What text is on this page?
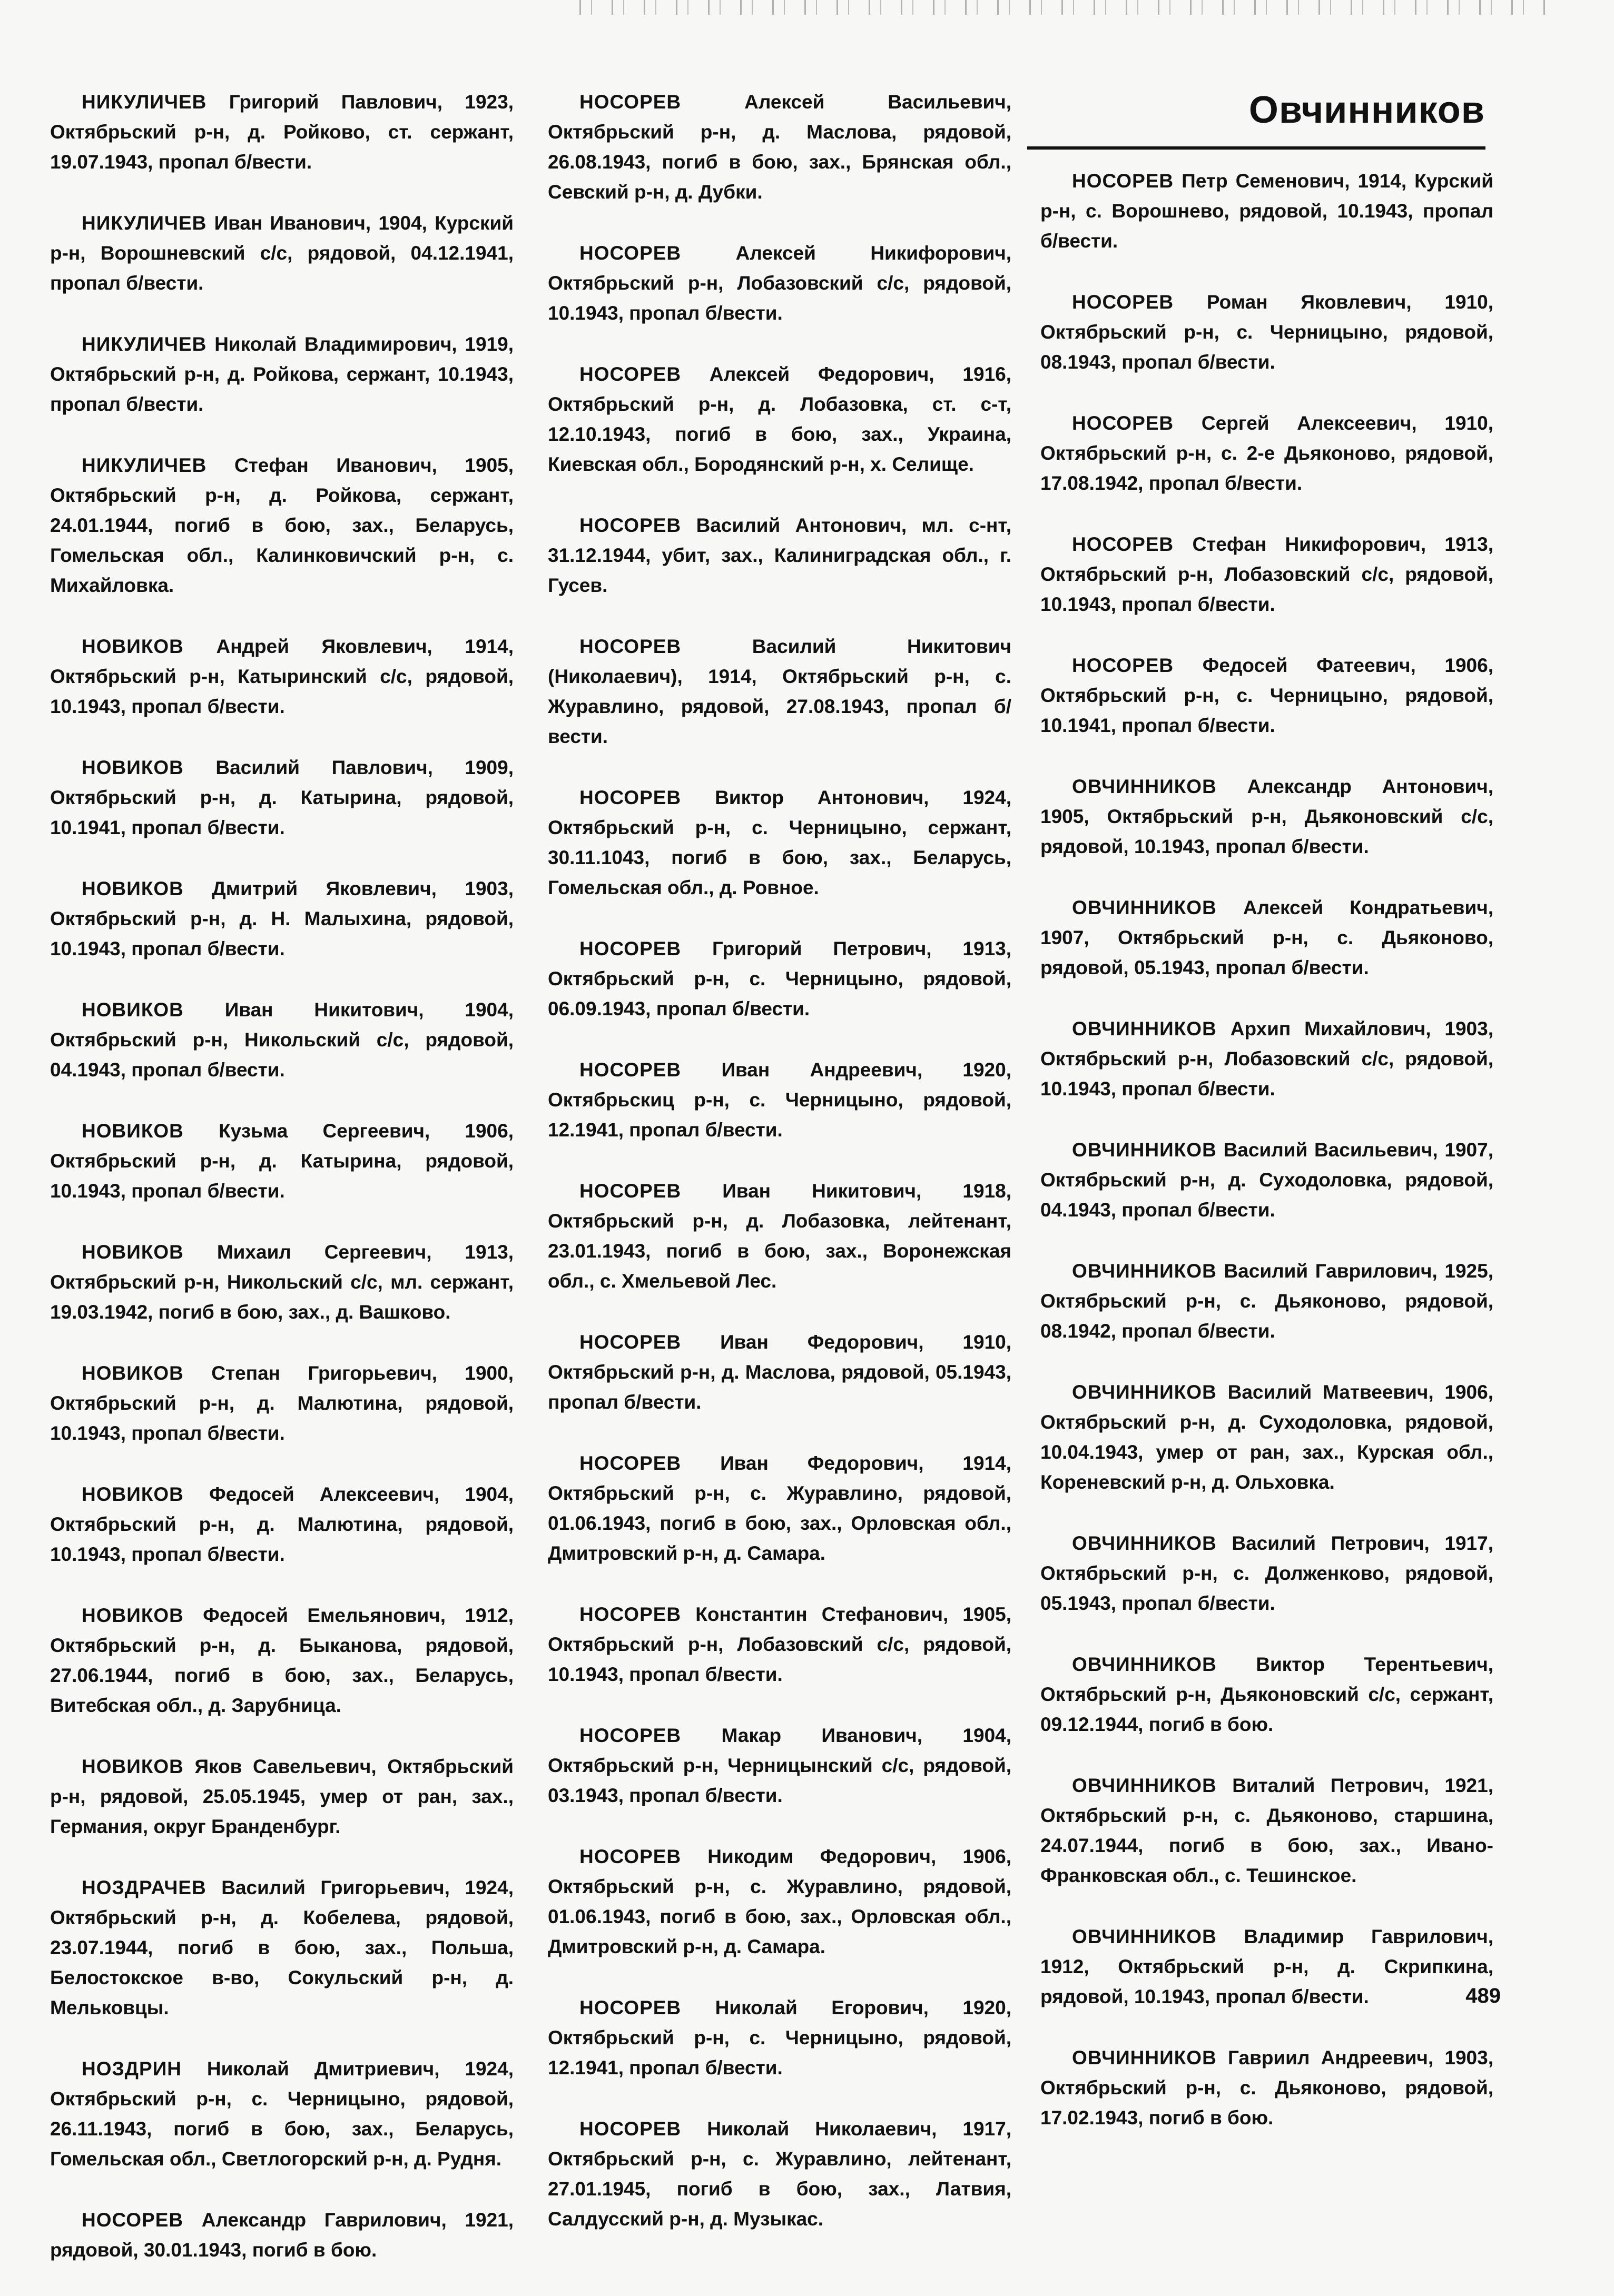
Овчинников

НИКУЛИЧЕВ Григорий Павлович, 1923, Октябрьский р-н, д. Ройково, ст. сержант, 19.07.1943, пропал б/вести.

НИКУЛИЧЕВ Иван Иванович, 1904, Курский р-н, Ворошневский с/с, рядовой, 04.12.1941, пропал б/вести.

НИКУЛИЧЕВ Николай Владимирович, 1919, Октябрьский р-н, д. Ройкова, сержант, 10.1943, пропал б/вести.

НИКУЛИЧЕВ Стефан Иванович, 1905, Октябрьский р-н, д. Ройкова, сержант, 24.01.1944, погиб в бою, зах., Беларусь, Гомельская обл., Калинковичский р-н, с. Михайловка.

НОВИКОВ Андрей Яковлевич, 1914, Октябрьский р-н, Катыринский с/с, рядовой, 10.1943, пропал б/вести.

НОВИКОВ Василий Павлович, 1909, Октябрьский р-н, д. Катырина, рядовой, 10.1941, пропал б/вести.

НОВИКОВ Дмитрий Яковлевич, 1903, Октябрьский р-н, д. Н. Малыхина, рядовой, 10.1943, пропал б/вести.

НОВИКОВ Иван Никитович, 1904, Октябрьский р-н, Никольский с/с, рядовой, 04.1943, пропал б/вести.

НОВИКОВ Кузьма Сергеевич, 1906, Октябрьский р-н, д. Катырина, рядовой, 10.1943, пропал б/вести.

НОВИКОВ Михаил Сергеевич, 1913, Октябрьский р-н, Никольский с/с, мл. сержант, 19.03.1942, погиб в бою, зах., д. Вашково.

НОВИКОВ Степан Григорьевич, 1900, Октябрьский р-н, д. Малютина, рядовой, 10.1943, пропал б/вести.

НОВИКОВ Федосей Алексеевич, 1904, Октябрьский р-н, д. Малютина, рядовой, 10.1943, пропал б/вести.

НОВИКОВ Федосей Емельянович, 1912, Октябрьский р-н, д. Быканова, рядовой, 27.06.1944, погиб в бою, зах., Беларусь, Витебская обл., д. Зарубница.

НОВИКОВ Яков Савельевич, Октябрьский р-н, рядовой, 25.05.1945, умер от ран, зах., Германия, округ Бранденбург.

НОЗДРАЧЕВ Василий Григорьевич, 1924, Октябрьский р-н, д. Кобелева, рядовой, 23.07.1944, погиб в бою, зах., Польша, Белостокское в-во, Сокульский р-н, д. Мельковцы.

НОЗДРИН Николай Дмитриевич, 1924, Октябрьский р-н, с. Черницыно, рядовой, 26.11.1943, погиб в бою, зах., Беларусь, Гомельская обл., Светлогорский р-н, д. Рудня.

НОСОРЕВ Александр Гаврилович, 1921, рядовой, 30.01.1943, погиб в бою.

НОСОРЕВ Алексей Васильевич, Октябрьский р-н, д. Маслова, рядовой, 26.08.1943, погиб в бою, зах., Брянская обл., Севский р-н, д. Дубки.

НОСОРЕВ Алексей Никифорович, Октябрьский р-н, Лобазовский с/с, рядовой, 10.1943, пропал б/вести.

НОСОРЕВ Алексей Федорович, 1916, Октябрьский р-н, д. Лобазовка, ст. с-т, 12.10.1943, погиб в бою, зах., Украина, Киевская обл., Бородянский р-н, х. Селище.

НОСОРЕВ Василий Антонович, мл. с-нт, 31.12.1944, убит, зах., Калиниградская обл., г. Гусев.

НОСОРЕВ Василий Никитович (Николаевич), 1914, Октябрьский р-н, с. Журавлино, рядовой, 27.08.1943, пропал б/вести.

НОСОРЕВ Виктор Антонович, 1924, Октябрьский р-н, с. Черницыно, сержант, 30.11.1043, погиб в бою, зах., Беларусь, Гомельская обл., д. Ровное.

НОСОРЕВ Григорий Петрович, 1913, Октябрьский р-н, с. Черницыно, рядовой, 06.09.1943, пропал б/вести.

НОСОРЕВ Иван Андреевич, 1920, Октябрьскиц р-н, с. Черницыно, рядовой, 12.1941, пропал б/вести.

НОСОРЕВ Иван Никитович, 1918, Октябрьский р-н, д. Лобазовка, лейтенант, 23.01.1943, погиб в бою, зах., Воронежская обл., с. Хмельевой Лес.

НОСОРЕВ Иван Федорович, 1910, Октябрьский р-н, д. Маслова, рядовой, 05.1943, пропал б/вести.

НОСОРЕВ Иван Федорович, 1914, Октябрьский р-н, с. Журавлино, рядовой, 01.06.1943, погиб в бою, зах., Орловская обл., Дмитровский р-н, д. Самара.

НОСОРЕВ Константин Стефанович, 1905, Октябрьский р-н, Лобазовский с/с, рядовой, 10.1943, пропал б/вести.

НОСОРЕВ Макар Иванович, 1904, Октябрьский р-н, Черницынский с/с, рядовой, 03.1943, пропал б/вести.

НОСОРЕВ Никодим Федорович, 1906, Октябрьский р-н, с. Журавлино, рядовой, 01.06.1943, погиб в бою, зах., Орловская обл., Дмитровский р-н, д. Самара.

НОСОРЕВ Николай Егорович, 1920, Октябрьский р-н, с. Черницыно, рядовой, 12.1941, пропал б/вести.

НОСОРЕВ Николай Николаевич, 1917, Октябрьский р-н, с. Журавлино, лейтенант, 27.01.1945, погиб в бою, зах., Латвия, Салдусский р-н, д. Музыкас.

НОСОРЕВ Петр Семенович, 1914, Курский р-н, с. Ворошнево, рядовой, 10.1943, пропал б/вести.

НОСОРЕВ Роман Яковлевич, 1910, Октябрьский р-н, с. Черницыно, рядовой, 08.1943, пропал б/вести.

НОСОРЕВ Сергей Алексеевич, 1910, Октябрьский р-н, с. 2-е Дьяконово, рядовой, 17.08.1942, пропал б/вести.

НОСОРЕВ Стефан Никифорович, 1913, Октябрьский р-н, Лобазовский с/с, рядовой, 10.1943, пропал б/вести.

НОСОРЕВ Федосей Фатеевич, 1906, Октябрьский р-н, с. Черницыно, рядовой, 10.1941, пропал б/вести.

ОВЧИННИКОВ Александр Антонович, 1905, Октябрьский р-н, Дьяконовский с/с, рядовой, 10.1943, пропал б/вести.

ОВЧИННИКОВ Алексей Кондратьевич, 1907, Октябрьский р-н, с. Дьяконово, рядовой, 05.1943, пропал б/вести.

ОВЧИННИКОВ Архип Михайлович, 1903, Октябрьский р-н, Лобазовский с/с, рядовой, 10.1943, пропал б/вести.

ОВЧИННИКОВ Василий Васильевич, 1907, Октябрьский р-н, д. Суходоловка, рядовой, 04.1943, пропал б/вести.

ОВЧИННИКОВ Василий Гаврилович, 1925, Октябрьский р-н, с. Дьяконово, рядовой, 08.1942, пропал б/вести.

ОВЧИННИКОВ Василий Матвеевич, 1906, Октябрьский р-н, д. Суходоловка, рядовой, 10.04.1943, умер от ран, зах., Курская обл., Кореневский р-н, д. Ольховка.

ОВЧИННИКОВ Василий Петрович, 1917, Октябрьский р-н, с. Долженково, рядовой, 05.1943, пропал б/вести.

ОВЧИННИКОВ Виктор Терентьевич, Октябрьский р-н, Дьяконовский с/с, сержант, 09.12.1944, погиб в бою.

ОВЧИННИКОВ Виталий Петрович, 1921, Октябрьский р-н, с. Дьяконово, старшина, 24.07.1944, погиб в бою, зах., Ивано-Франковская обл., с. Тешинское.

ОВЧИННИКОВ Владимир Гаврилович, 1912, Октябрьский р-н, д. Скрипкина, рядовой, 10.1943, пропал б/вести.

ОВЧИННИКОВ Гавриил Андреевич, 1903, Октябрьский р-н, с. Дьяконово, рядовой, 17.02.1943, погиб в бою.

489
